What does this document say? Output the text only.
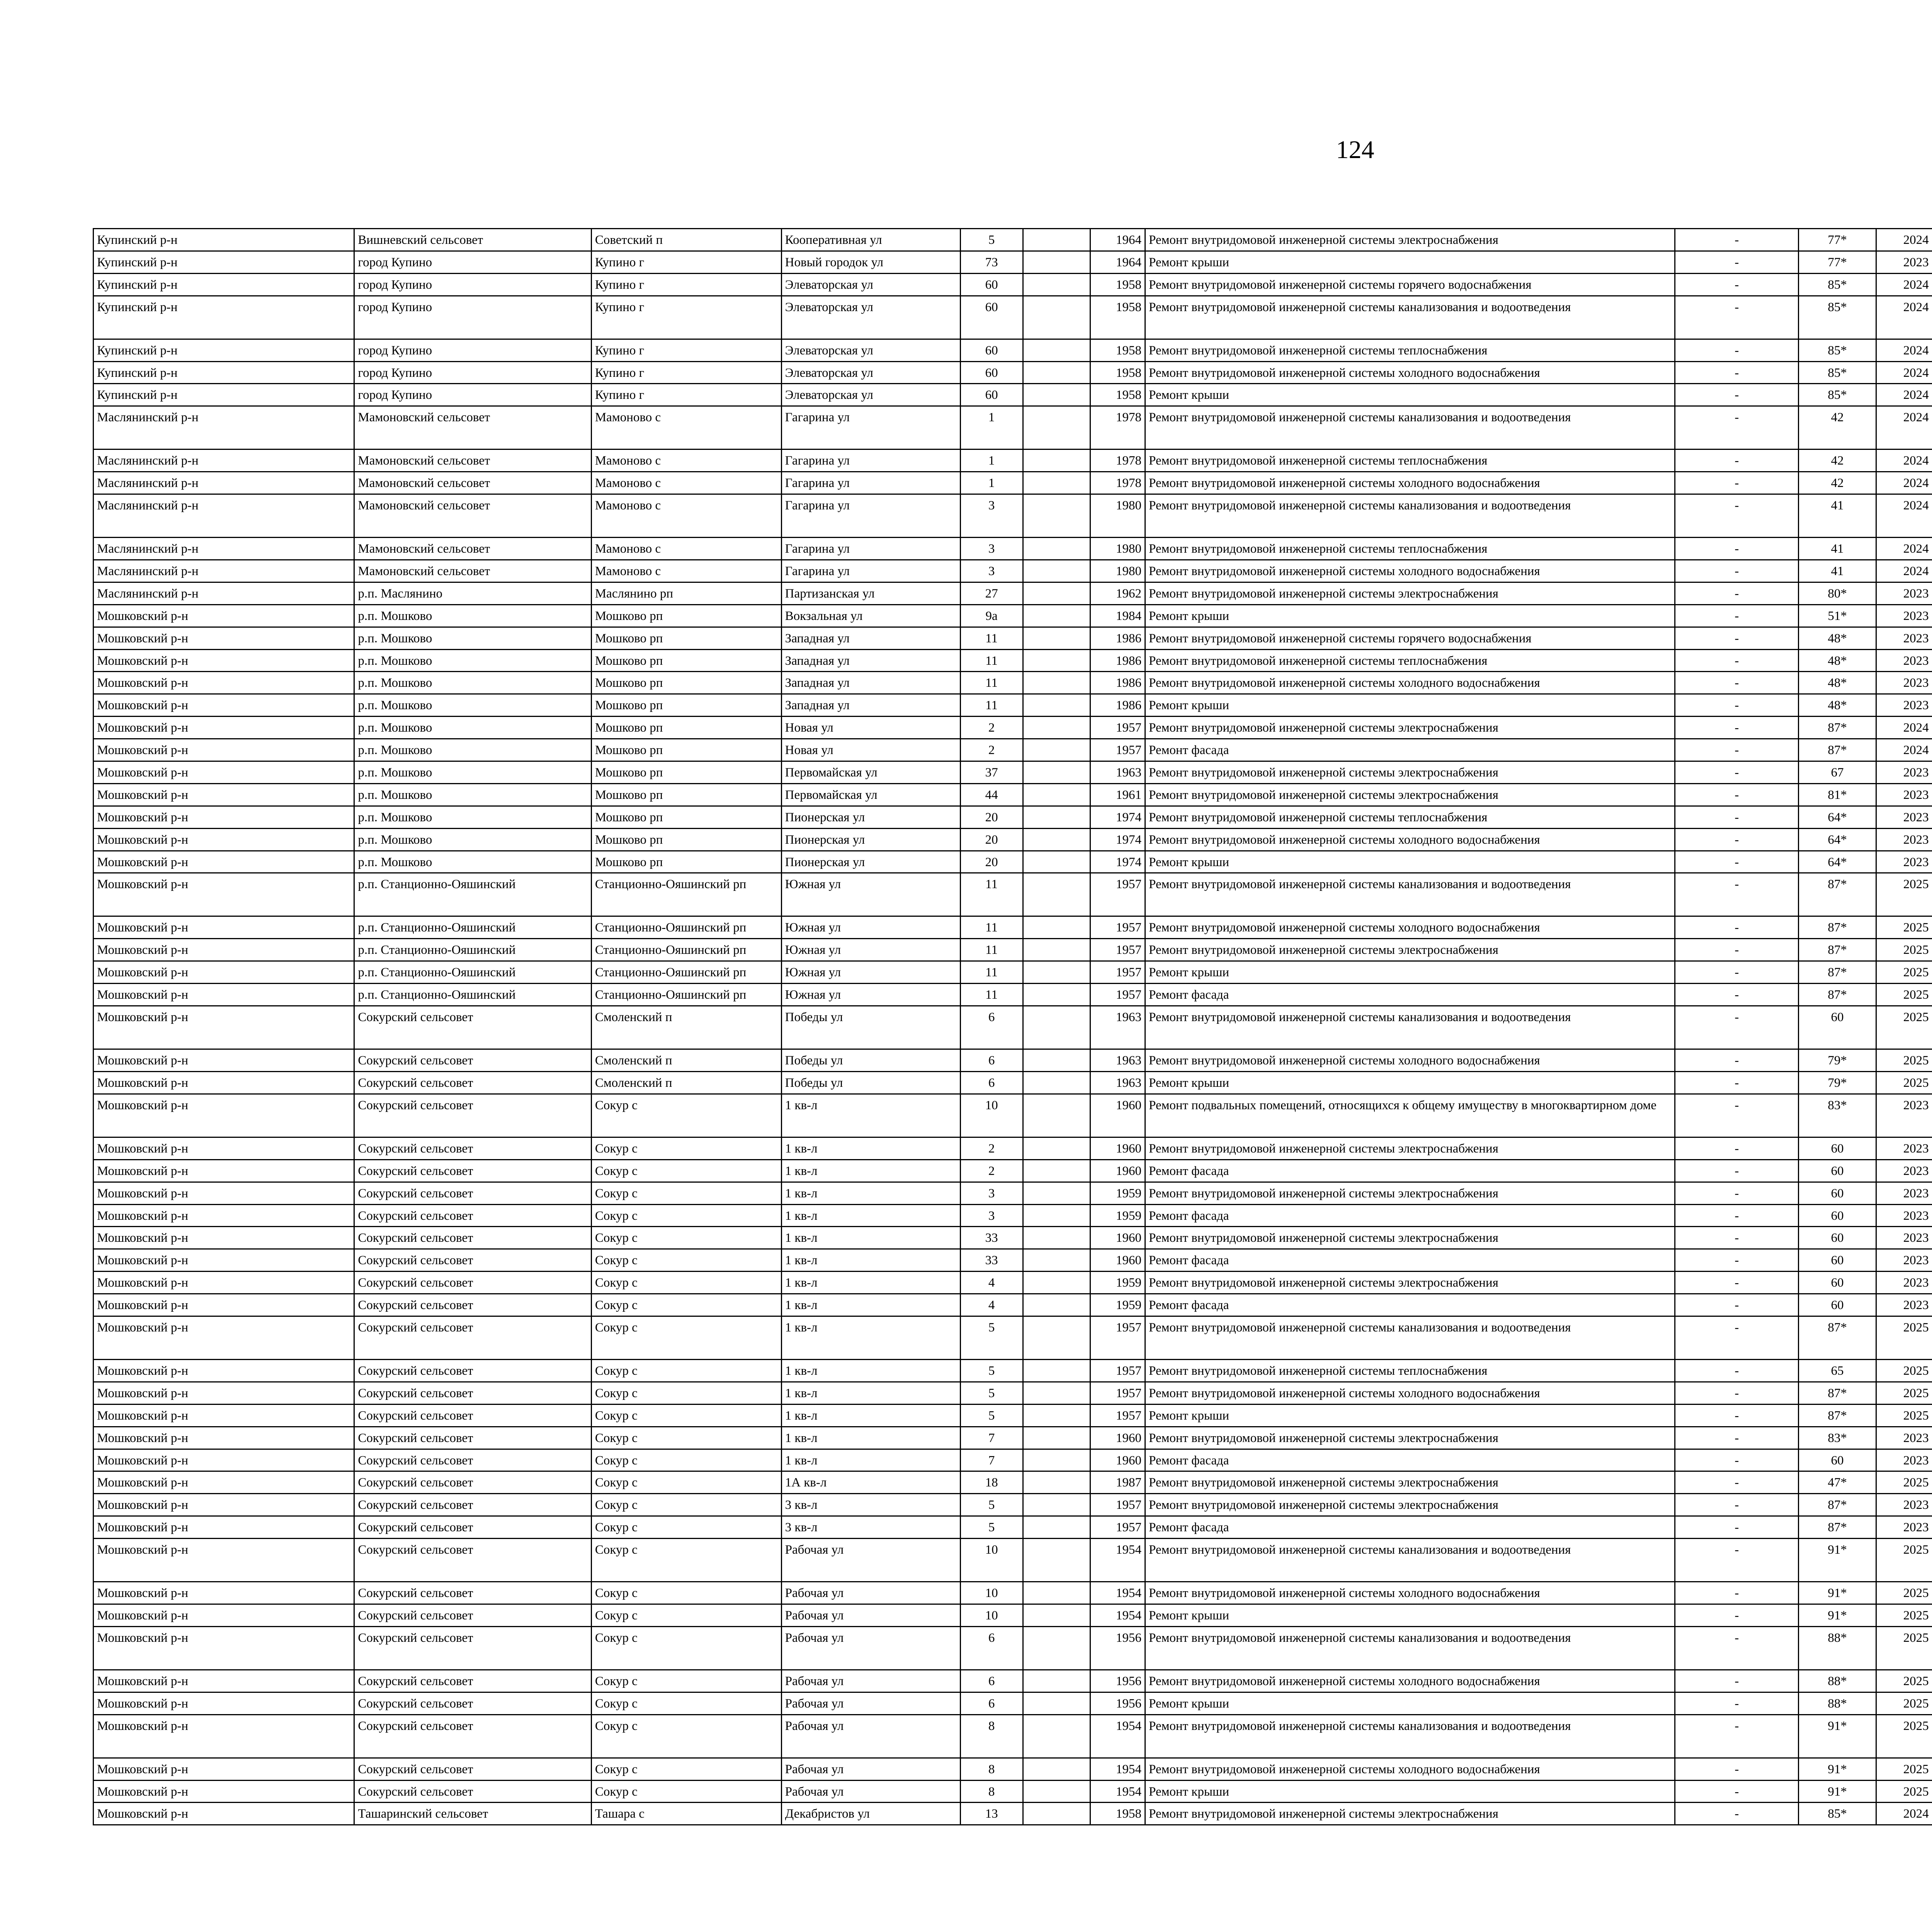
124
Купинский р-н	Вишневский сельсовет	Советский п	Кооперативная ул	5		1964	Ремонт внутридомовой инженерной системы электроснабжения	-	77*	2024							
Купинский р-н	город Купино	Купино г	Новый городок ул	73		1964	Ремонт крыши	-	77*	2023							
Купинский р-н	город Купино	Купино г	Элеваторская ул	60		1958	Ремонт внутридомовой инженерной системы горячего водоснабжения	-	85*	2024							
Купинский р-н	город Купино	Купино г	Элеваторская ул	60		1958	Ремонт внутридомовой инженерной системы канализования и водоотведения	-	85*	2024							
Купинский р-н	город Купино	Купино г	Элеваторская ул	60		1958	Ремонт внутридомовой инженерной системы теплоснабжения	-	85*	2024							
Купинский р-н	город Купино	Купино г	Элеваторская ул	60		1958	Ремонт внутридомовой инженерной системы холодного водоснабжения	-	85*	2024							
Купинский р-н	город Купино	Купино г	Элеваторская ул	60		1958	Ремонт крыши	-	85*	2024							
Маслянинский р-н	Мамоновский сельсовет	Мамоново с	Гагарина ул	1		1978	Ремонт внутридомовой инженерной системы канализования и водоотведения	-	42	2024							
Маслянинский р-н	Мамоновский сельсовет	Мамоново с	Гагарина ул	1		1978	Ремонт внутридомовой инженерной системы теплоснабжения	-	42	2024							
Маслянинский р-н	Мамоновский сельсовет	Мамоново с	Гагарина ул	1		1978	Ремонт внутридомовой инженерной системы холодного водоснабжения	-	42	2024							
Маслянинский р-н	Мамоновский сельсовет	Мамоново с	Гагарина ул	3		1980	Ремонт внутридомовой инженерной системы канализования и водоотведения	-	41	2024							
Маслянинский р-н	Мамоновский сельсовет	Мамоново с	Гагарина ул	3		1980	Ремонт внутридомовой инженерной системы теплоснабжения	-	41	2024							
Маслянинский р-н	Мамоновский сельсовет	Мамоново с	Гагарина ул	3		1980	Ремонт внутридомовой инженерной системы холодного водоснабжения	-	41	2024							
Маслянинский р-н	р.п. Маслянино	Маслянино рп	Партизанская ул	27		1962	Ремонт внутридомовой инженерной системы электроснабжения	-	80*	2023							
Мошковский р-н	р.п. Мошково	Мошково рп	Вокзальная ул	9а		1984	Ремонт крыши	-	51*	2023							
Мошковский р-н	р.п. Мошково	Мошково рп	Западная ул	11		1986	Ремонт внутридомовой инженерной системы горячего водоснабжения	-	48*	2023							
Мошковский р-н	р.п. Мошково	Мошково рп	Западная ул	11		1986	Ремонт внутридомовой инженерной системы теплоснабжения	-	48*	2023							
Мошковский р-н	р.п. Мошково	Мошково рп	Западная ул	11		1986	Ремонт внутридомовой инженерной системы холодного водоснабжения	-	48*	2023							
Мошковский р-н	р.п. Мошково	Мошково рп	Западная ул	11		1986	Ремонт крыши	-	48*	2023							
Мошковский р-н	р.п. Мошково	Мошково рп	Новая ул	2		1957	Ремонт внутридомовой инженерной системы электроснабжения	-	87*	2024							
Мошковский р-н	р.п. Мошково	Мошково рп	Новая ул	2		1957	Ремонт фасада	-	87*	2024							
Мошковский р-н	р.п. Мошково	Мошково рп	Первомайская ул	37		1963	Ремонт внутридомовой инженерной системы электроснабжения	-	67	2023							
Мошковский р-н	р.п. Мошково	Мошково рп	Первомайская ул	44		1961	Ремонт внутридомовой инженерной системы электроснабжения	-	81*	2023							
Мошковский р-н	р.п. Мошково	Мошково рп	Пионерская ул	20		1974	Ремонт внутридомовой инженерной системы теплоснабжения	-	64*	2023							
Мошковский р-н	р.п. Мошково	Мошково рп	Пионерская ул	20		1974	Ремонт внутридомовой инженерной системы холодного водоснабжения	-	64*	2023							
Мошковский р-н	р.п. Мошково	Мошково рп	Пионерская ул	20		1974	Ремонт крыши	-	64*	2023							
Мошковский р-н	р.п. Станционно-Ояшинский	Станционно-Ояшинский рп	Южная ул	11		1957	Ремонт внутридомовой инженерной системы канализования и водоотведения	-	87*	2025							
Мошковский р-н	р.п. Станционно-Ояшинский	Станционно-Ояшинский рп	Южная ул	11		1957	Ремонт внутридомовой инженерной системы холодного водоснабжения	-	87*	2025							
Мошковский р-н	р.п. Станционно-Ояшинский	Станционно-Ояшинский рп	Южная ул	11		1957	Ремонт внутридомовой инженерной системы электроснабжения	-	87*	2025							
Мошковский р-н	р.п. Станционно-Ояшинский	Станционно-Ояшинский рп	Южная ул	11		1957	Ремонт крыши	-	87*	2025							
Мошковский р-н	р.п. Станционно-Ояшинский	Станционно-Ояшинский рп	Южная ул	11		1957	Ремонт фасада	-	87*	2025							
Мошковский р-н	Сокурский сельсовет	Смоленский п	Победы ул	6		1963	Ремонт внутридомовой инженерной системы канализования и водоотведения	-	60	2025							
Мошковский р-н	Сокурский сельсовет	Смоленский п	Победы ул	6		1963	Ремонт внутридомовой инженерной системы холодного водоснабжения	-	79*	2025							
Мошковский р-н	Сокурский сельсовет	Смоленский п	Победы ул	6		1963	Ремонт крыши	-	79*	2025							
Мошковский р-н	Сокурский сельсовет	Сокур с	1 кв-л	10		1960	Ремонт подвальных помещений, относящихся к общему имуществу в многоквартирном доме	-	83*	2023							
Мошковский р-н	Сокурский сельсовет	Сокур с	1 кв-л	2		1960	Ремонт внутридомовой инженерной системы электроснабжения	-	60	2023							
Мошковский р-н	Сокурский сельсовет	Сокур с	1 кв-л	2		1960	Ремонт фасада	-	60	2023							
Мошковский р-н	Сокурский сельсовет	Сокур с	1 кв-л	3		1959	Ремонт внутридомовой инженерной системы электроснабжения	-	60	2023							
Мошковский р-н	Сокурский сельсовет	Сокур с	1 кв-л	3		1959	Ремонт фасада	-	60	2023							
Мошковский р-н	Сокурский сельсовет	Сокур с	1 кв-л	33		1960	Ремонт внутридомовой инженерной системы электроснабжения	-	60	2023							
Мошковский р-н	Сокурский сельсовет	Сокур с	1 кв-л	33		1960	Ремонт фасада	-	60	2023							
Мошковский р-н	Сокурский сельсовет	Сокур с	1 кв-л	4		1959	Ремонт внутридомовой инженерной системы электроснабжения	-	60	2023							
Мошковский р-н	Сокурский сельсовет	Сокур с	1 кв-л	4		1959	Ремонт фасада	-	60	2023							
Мошковский р-н	Сокурский сельсовет	Сокур с	1 кв-л	5		1957	Ремонт внутридомовой инженерной системы канализования и водоотведения	-	87*	2025							
Мошковский р-н	Сокурский сельсовет	Сокур с	1 кв-л	5		1957	Ремонт внутридомовой инженерной системы теплоснабжения	-	65	2025							
Мошковский р-н	Сокурский сельсовет	Сокур с	1 кв-л	5		1957	Ремонт внутридомовой инженерной системы холодного водоснабжения	-	87*	2025							
Мошковский р-н	Сокурский сельсовет	Сокур с	1 кв-л	5		1957	Ремонт крыши	-	87*	2025							
Мошковский р-н	Сокурский сельсовет	Сокур с	1 кв-л	7		1960	Ремонт внутридомовой инженерной системы электроснабжения	-	83*	2023							
Мошковский р-н	Сокурский сельсовет	Сокур с	1 кв-л	7		1960	Ремонт фасада	-	60	2023							
Мошковский р-н	Сокурский сельсовет	Сокур с	1А кв-л	18		1987	Ремонт внутридомовой инженерной системы электроснабжения	-	47*	2025							
Мошковский р-н	Сокурский сельсовет	Сокур с	3 кв-л	5		1957	Ремонт внутридомовой инженерной системы электроснабжения	-	87*	2023							
Мошковский р-н	Сокурский сельсовет	Сокур с	3 кв-л	5		1957	Ремонт фасада	-	87*	2023							
Мошковский р-н	Сокурский сельсовет	Сокур с	Рабочая ул	10		1954	Ремонт внутридомовой инженерной системы канализования и водоотведения	-	91*	2025							
Мошковский р-н	Сокурский сельсовет	Сокур с	Рабочая ул	10		1954	Ремонт внутридомовой инженерной системы холодного водоснабжения	-	91*	2025							
Мошковский р-н	Сокурский сельсовет	Сокур с	Рабочая ул	10		1954	Ремонт крыши	-	91*	2025							
Мошковский р-н	Сокурский сельсовет	Сокур с	Рабочая ул	6		1956	Ремонт внутридомовой инженерной системы канализования и водоотведения	-	88*	2025							
Мошковский р-н	Сокурский сельсовет	Сокур с	Рабочая ул	6		1956	Ремонт внутридомовой инженерной системы холодного водоснабжения	-	88*	2025							
Мошковский р-н	Сокурский сельсовет	Сокур с	Рабочая ул	6		1956	Ремонт крыши	-	88*	2025							
Мошковский р-н	Сокурский сельсовет	Сокур с	Рабочая ул	8		1954	Ремонт внутридомовой инженерной системы канализования и водоотведения	-	91*	2025							
Мошковский р-н	Сокурский сельсовет	Сокур с	Рабочая ул	8		1954	Ремонт внутридомовой инженерной системы холодного водоснабжения	-	91*	2025							
Мошковский р-н	Сокурский сельсовет	Сокур с	Рабочая ул	8		1954	Ремонт крыши	-	91*	2025							
Мошковский р-н	Ташаринский сельсовет	Ташара с	Декабристов ул	13		1958	Ремонт внутридомовой инженерной системы электроснабжения	-	85*	2024							
